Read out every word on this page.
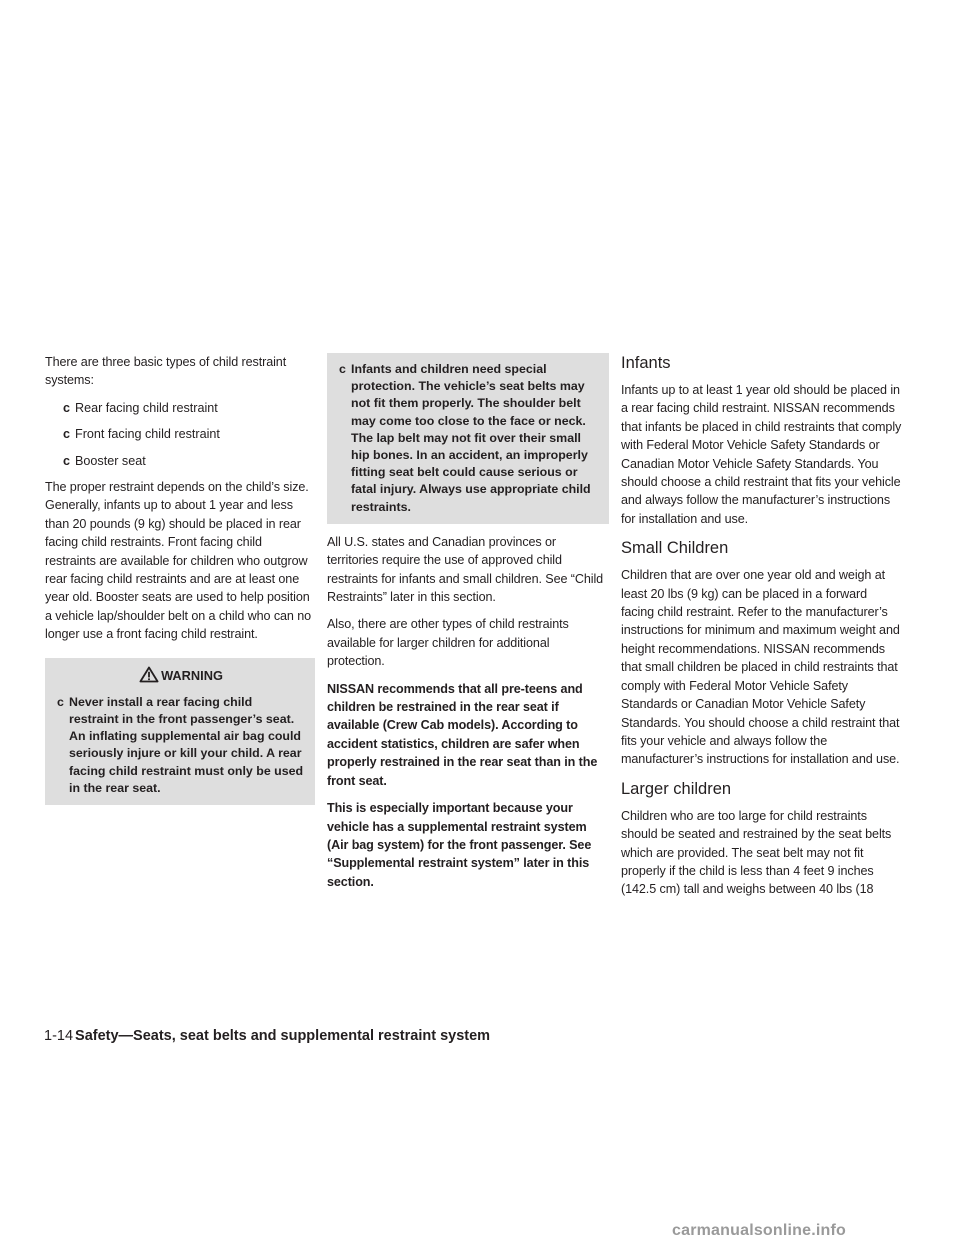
There are three basic types of child restraint systems:

c Rear facing child restraint
c Front facing child restraint
c Booster seat

The proper restraint depends on the child’s size. Generally, infants up to about 1 year and less than 20 pounds (9 kg) should be placed in rear facing child restraints. Front facing child restraints are available for children who outgrow rear facing child restraints and are at least one year old. Booster seats are used to help position a vehicle lap/shoulder belt on a child who can no longer use a front facing child restraint.

WARNING
c Never install a rear facing child restraint in the front passenger’s seat. An inflating supplemental air bag could seriously injure or kill your child. A rear facing child restraint must only be used in the rear seat.
c Infants and children need special protection. The vehicle’s seat belts may not fit them properly. The shoulder belt may come too close to the face or neck. The lap belt may not fit over their small hip bones. In an accident, an improperly fitting seat belt could cause serious or fatal injury. Always use appropriate child restraints.

All U.S. states and Canadian provinces or territories require the use of approved child restraints for infants and small children. See “Child Restraints” later in this section.

Also, there are other types of child restraints available for larger children for additional protection.

NISSAN recommends that all pre-teens and children be restrained in the rear seat if available (Crew Cab models). According to accident statistics, children are safer when properly restrained in the rear seat than in the front seat.

This is especially important because your vehicle has a supplemental restraint system (Air bag system) for the front passenger. See “Supplemental restraint system” later in this section.

Infants

Infants up to at least 1 year old should be placed in a rear facing child restraint. NISSAN recommends that infants be placed in child restraints that comply with Federal Motor Vehicle Safety Standards or Canadian Motor Vehicle Safety Standards. You should choose a child restraint that fits your vehicle and always follow the manufacturer’s instructions for installation and use.

Small Children

Children that are over one year old and weigh at least 20 lbs (9 kg) can be placed in a forward facing child restraint. Refer to the manufacturer’s instructions for minimum and maximum weight and height recommendations. NISSAN recommends that small children be placed in child restraints that comply with Federal Motor Vehicle Safety Standards or Canadian Motor Vehicle Safety Standards. You should choose a child restraint that fits your vehicle and always follow the manufacturer’s instructions for installation and use.

Larger children

Children who are too large for child restraints should be seated and restrained by the seat belts which are provided. The seat belt may not fit properly if the child is less than 4 feet 9 inches (142.5 cm) tall and weighs between 40 lbs (18

1-14 Safety—Seats, seat belts and supplemental restraint system
carmanualsonline.info
